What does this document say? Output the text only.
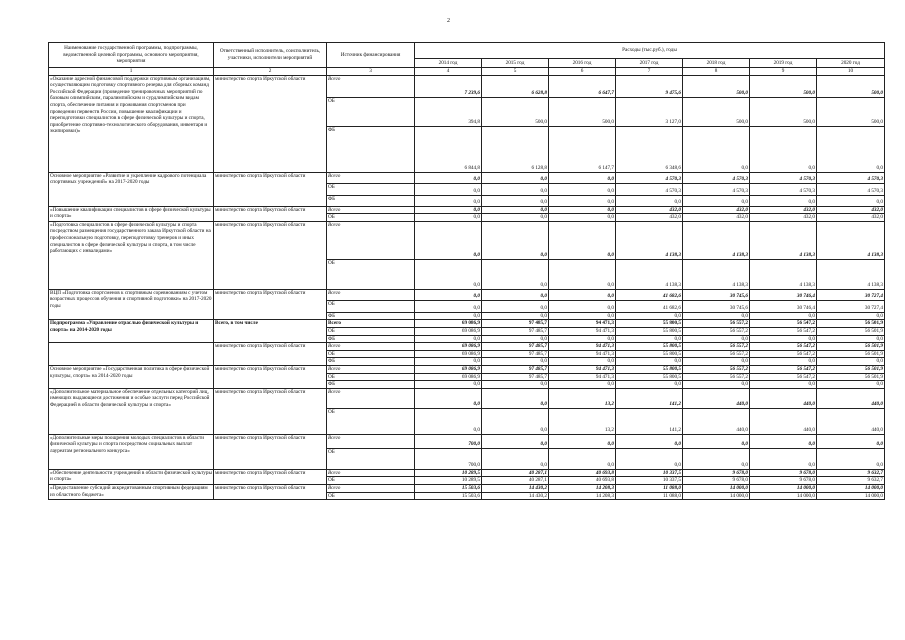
2
Наименование государственной программы, подпрограммы, ведомственной целевой программы, основного мероприятия, мероприятия	Ответственный исполнитель, соисполнитель, участники, исполнители мероприятий	Источник финансирования	Расходы (тыс.руб.), годы						
			2014 год	2015 год	2016 год	2017 год	2018 год	2019 год	2020 год
1	2	3	4	5	6	7	8	9	10
«Оказание адресной финансовой поддержки спортивным организациям, осуществляющим подготовку спортивного резерва для сборных команд Российской Федерации (проведение тренировочных мероприятий по базовым олимпийским, паралимпийским и сурдлимпийским видам спорта, обеспечение питания и проживания спортсменов при проведении первенств России, повышение квалификации и переподготовки специалистов в сфере физической культуры и спорта, приобретение спортивно-технологического оборудования, инвентаря и экипировки)»	министерство спорта Иркутской области	Всего	7 239,6	6 628,8	6 647,7	9 475,6	500,0	500,0	500,0
		ОБ	394,8	500,0	500,0	3 127,0	500,0	500,0	500,0
		ФБ	6 844,8	6 128,8	6 147,7	6 348,6	0,0	0,0	0,0
Основное мероприятие «Развитие и укрепление кадрового потенциала спортивных учреждений» на 2017-2020 годы	министерство спорта Иркутской области	Всего	0,0	0,0	0,0	4 570,3	4 570,3	4 570,3	4 570,3
		ОБ	0,0	0,0	0,0	4 570,3	4 570,3	4 570,3	4 570,3
		ФБ	0,0	0,0	0,0	0,0	0,0	0,0	0,0
«Повышение квалификации специалистов в сфере физической культуры и спорта»	министерство спорта Иркутской области	Всего	0,0	0,0	0,0	432,0	432,0	432,0	432,0
		ОБ	0,0	0,0	0,0	432,0	432,0	432,0	432,0
«Подготовка специалистов в сфере физической культуры и спорта посредством размещения государственного заказа Иркутской области на профессиональную подготовку, переподготовку тренеров и иных специалистов в сфере физической культуры и спорта, в том числе работающих с инвалидами»	министерство спорта Иркутской области	Всего	0,0	0,0	0,0	4 138,3	4 138,3	4 138,3	4 138,3
		ОБ	0,0	0,0	0,0	4 138,3	4 138,3	4 138,3	4 138,3
ВЦП «Подготовка спортсменов к спортивным соревнованиям с учетом возрастных процессов обучения и спортивной подготовки» на 2017-2020 годы	министерство спорта Иркутской области	Всего	0,0	0,0	0,0	41 682,6	30 745,6	30 746,4	30 727,4
		ОБ	0,0	0,0	0,0	41 682,6	30 745,6	30 746,4	30 727,4
		ФБ	0,0	0,0	0,0	0,0	0,0	0,0	0,0
Подпрограмма «Управление отраслью физической культуры и спорта» на 2014-2020 годы	Всего, в том числе	Всего	69 086,9	97 485,7	94 471,3	55 800,5	56 557,2	56 547,2	56 501,9
		ОБ	69 086,9	97 485,7	94 471,3	55 800,5	56 557,2	56 547,2	56 501,9
		ФБ	0,0	0,0	0,0	0,0	0,0	0,0	0,0
	министерство спорта Иркутской области	Всего	69 086,9	97 485,7	94 471,3	55 800,5	56 557,2	56 547,2	56 501,9
		ОБ	69 086,9	97 485,7	94 471,3	55 800,5	56 557,2	56 547,2	56 501,9
		ФБ	0,0	0,0	0,0	0,0	0,0	0,0	0,0
Основное мероприятие «Государственная политика в сфере физической культуры, спорта» на 2014-2020 годы	министерство спорта Иркутской области	Всего	69 086,9	97 485,7	94 471,3	55 800,5	56 557,2	56 547,2	56 501,9
		ОБ	69 086,9	97 485,7	94 471,3	55 800,5	56 557,2	56 547,2	56 501,9
		ФБ	0,0	0,0	0,0	0,0	0,0	0,0	0,0
«Дополнительное материальное обеспечение отдельных категорий лиц, имеющих выдающиеся достижения и особые заслуги перед Российской Федерацией в области физической культуры и спорта»	министерство спорта Иркутской области	Всего	0,0	0,0	13,2	141,2	440,0	440,0	440,0
		ОБ	0,0	0,0	13,2	141,2	440,0	440,0	440,0
«Дополнительные меры поощрения молодых специалистов в области физической культуры и спорта посредством социальных выплат лауреатам регионального конкурса»	министерство спорта Иркутской области	Всего	700,0	0,0	0,0	0,0	0,0	0,0	0,0
		ОБ	700,0	0,0	0,0	0,0	0,0	0,0	0,0
«Обеспечение деятельности учреждений в области физической культуры и спорта»	министерство спорта Иркутской области	Всего	10 289,5	40 287,1	40 693,8	10 337,5	9 678,0	9 678,0	9 632,7
		ОБ	10 289,5	40 287,1	40 693,8	10 337,5	9 678,0	9 678,0	9 632,7
«Предоставление субсидий аккредитованным спортивным федерациям из областного бюджета»	министерство спорта Иркутской области	Всего	15 503,6	14 430,2	14 208,3	11 088,0	14 000,0	14 000,0	14 000,0
		ОБ	15 503,6	14 430,2	14 208,3	11 088,0	14 000,0	14 000,0	14 000,0
